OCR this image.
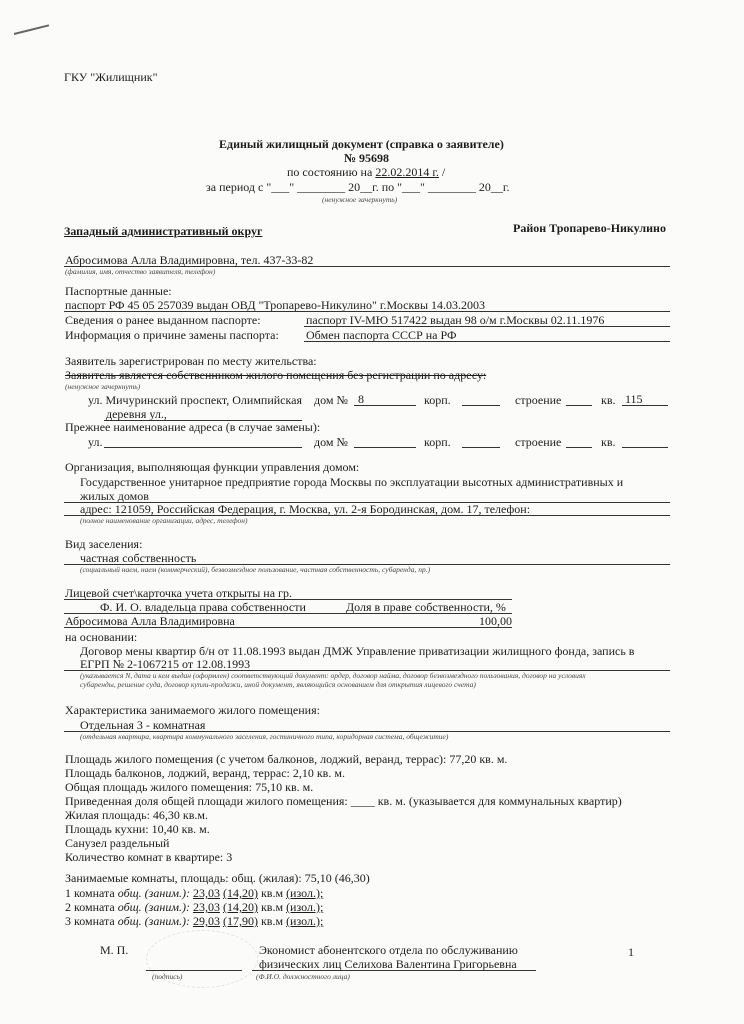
ГКУ "Жилищник"
Единый жилищный документ (справка о заявителе)
№ 95698
по состоянию на 22.02.2014 г. /
за период с "___" ________ 20__г. по "___" ________ 20__г.
(ненужное зачеркнуть)
Западный административный округ	Район Тропарево-Никулино
Абросимова Алла Владимировна, тел. 437-33-82
(фамилия, имя, отчество заявителя, телефон)
Паспортные данные:
паспорт РФ 45 05 257039 выдан ОВД "Тропарево-Никулино" г.Москвы 14.03.2003
Сведения о ранее выданном паспорте:	паспорт IV-МЮ 517422 выдан 98 о/м г.Москвы 02.11.1976
Информация о причине замены паспорта: Обмен паспорта СССР на РФ
Заявитель зарегистрирован по месту жительства:
Заявитель является собственником жилого помещения без регистрации по адресу:
(ненужное зачеркнуть)
ул. Мичуринский проспект, Олимпийская
деревня ул.,
дом № 8	корп.	строение	кв. 115
Прежнее наименование адреса (в случае замены):
ул.	дом №	корп.	строение	кв.
Организация, выполняющая функции управления домом:
Государственное унитарное предприятие города Москвы по эксплуатации высотных административных и
жилых домов
адрес: 121059, Российская Федерация, г. Москва, ул. 2-я Бородинская, дом. 17, телефон:
(полное наименование организации, адрес, телефон)
Вид заселения:
частная собственность
(социальный наем, наем (коммерческий), безвозмездное пользование, частная собственность, субаренда, пр.)
Лицевой счет\карточка учета открыты на гр.
Ф. И. О. владельца права собственности	Доля в праве собственности, %
Абросимова Алла Владимировна	100,00
на основании:
Договор мены квартир б/н от 11.08.1993 выдан ДМЖ Управление приватизации жилищного фонда, запись в
ЕГРП № 2-1067215 от 12.08.1993
(указывается N, дата и кем выдан (оформлен) соответствующий документ: ордер, договор найма, договор безвозмездного пользования, договор на условиях
субаренды, решение суда, договор купли-продажи, иной документ, являющийся основанием для открытия лицевого счета)
Характеристика занимаемого жилого помещения:
Отдельная 3 - комнатная
(отдельная квартира, квартира коммунального заселения, гостиничного типа, коридорная система, общежитие)
Площадь жилого помещения (с учетом балконов, лоджий, веранд, террас): 77,20 кв. м.
Площадь балконов, лоджий, веранд, террас: 2,10 кв. м.
Общая площадь жилого помещения: 75,10 кв. м.
Приведенная доля общей площади жилого помещения: ____ кв. м. (указывается для коммунальных квартир)
Жилая площадь: 46,30 кв.м.
Площадь кухни: 10,40 кв. м.
Санузел раздельный
Количество комнат в квартире: 3
Занимаемые комнаты, площадь: общ. (жилая): 75,10 (46,30)
1 комната общ. (заним.): 23,03 (14,20) кв.м (изол.);
2 комната общ. (заним.): 23,03 (14,20) кв.м (изол.);
3 комната общ. (заним.): 29,03 (17,90) кв.м (изол.);
М. П.	Экономист абонентского отдела по обслуживанию
физических лиц Селихова Валентина Григорьевна
1
(подпись)	(Ф.И.О. должностного лица)
